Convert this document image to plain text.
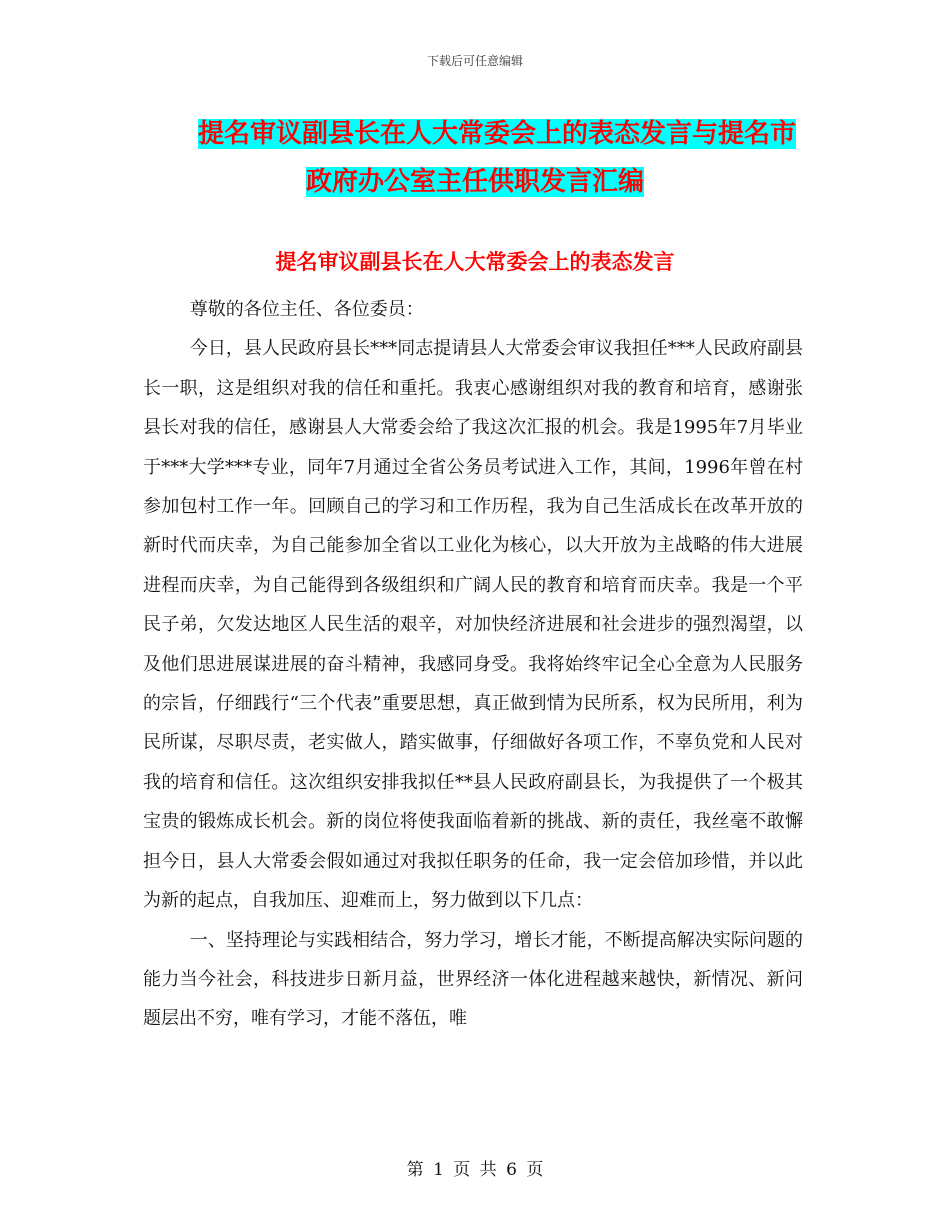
下载后可任意编辑
提名审议副县长在人大常委会上的表态发言与提名市
政府办公室主任供职发言汇编
提名审议副县长在人大常委会上的表态发言

尊敬的各位主任、各位委员：

今日，县人民政府县长***同志提请县人大常委会审议我担任***人民政府副县长一职，这是组织对我的信任和重托。我衷心感谢组织对我的教育和培育，感谢张县长对我的信任，感谢县人大常委会给了我这次汇报的机会。我是1995年7月毕业于***大学***专业，同年7月通过全省公务员考试进入工作，其间，1996年曾在村参加包村工作一年。回顾自己的学习和工作历程，我为自己生活成长在改革开放的新时代而庆幸，为自己能参加全省以工业化为核心，以大开放为主战略的伟大进展进程而庆幸，为自己能得到各级组织和广阔人民的教育和培育而庆幸。我是一个平民子弟，欠发达地区人民生活的艰辛，对加快经济进展和社会进步的强烈渴望，以及他们思进展谋进展的奋斗精神，我感同身受。我将始终牢记全心全意为人民服务的宗旨，仔细践行“三个代表”重要思想，真正做到情为民所系，权为民所用，利为民所谋，尽职尽责，老实做人，踏实做事，仔细做好各项工作，不辜负党和人民对我的培育和信任。这次组织安排我拟任**县人民政府副县长，为我提供了一个极其宝贵的锻炼成长机会。新的岗位将使我面临着新的挑战、新的责任，我丝毫不敢懈担今日，县人大常委会假如通过对我拟任职务的任命，我一定会倍加珍惜，并以此为新的起点，自我加压、迎难而上，努力做到以下几点：

一、坚持理论与实践相结合，努力学习，增长才能，不断提高解决实际问题的能力当今社会，科技进步日新月益，世界经济一体化进程越来越快，新情况、新问题层出不穷，唯有学习，才能不落伍，唯

第 1 页 共 6 页
